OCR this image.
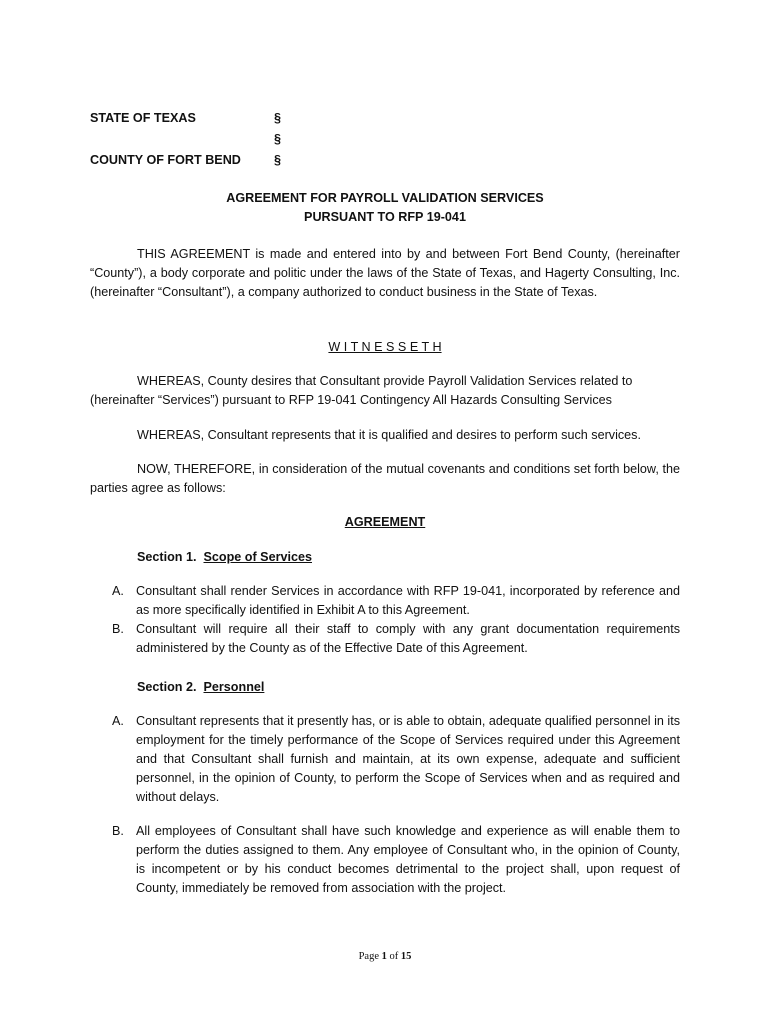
STATE OF TEXAS	§
§
COUNTY OF FORT BEND	§
AGREEMENT FOR PAYROLL VALIDATION SERVICES
PURSUANT TO RFP 19-041
THIS AGREEMENT is made and entered into by and between Fort Bend County, (hereinafter “County”), a body corporate and politic under the laws of the State of Texas, and Hagerty Consulting, Inc. (hereinafter “Consultant”), a company authorized to conduct business in the State of Texas.
W I T N E S S E T H
WHEREAS, County desires that Consultant provide Payroll Validation Services related to (hereinafter “Services”) pursuant to RFP 19-041 Contingency All Hazards Consulting Services
WHEREAS, Consultant represents that it is qualified and desires to perform such services.
NOW, THEREFORE, in consideration of the mutual covenants and conditions set forth below, the parties agree as follows:
AGREEMENT
Section 1. Scope of Services
A. Consultant shall render Services in accordance with RFP 19-041, incorporated by reference and as more specifically identified in Exhibit A to this Agreement.
B. Consultant will require all their staff to comply with any grant documentation requirements administered by the County as of the Effective Date of this Agreement.
Section 2. Personnel
A. Consultant represents that it presently has, or is able to obtain, adequate qualified personnel in its employment for the timely performance of the Scope of Services required under this Agreement and that Consultant shall furnish and maintain, at its own expense, adequate and sufficient personnel, in the opinion of County, to perform the Scope of Services when and as required and without delays.
B. All employees of Consultant shall have such knowledge and experience as will enable them to perform the duties assigned to them. Any employee of Consultant who, in the opinion of County, is incompetent or by his conduct becomes detrimental to the project shall, upon request of County, immediately be removed from association with the project.
Page 1 of 15
